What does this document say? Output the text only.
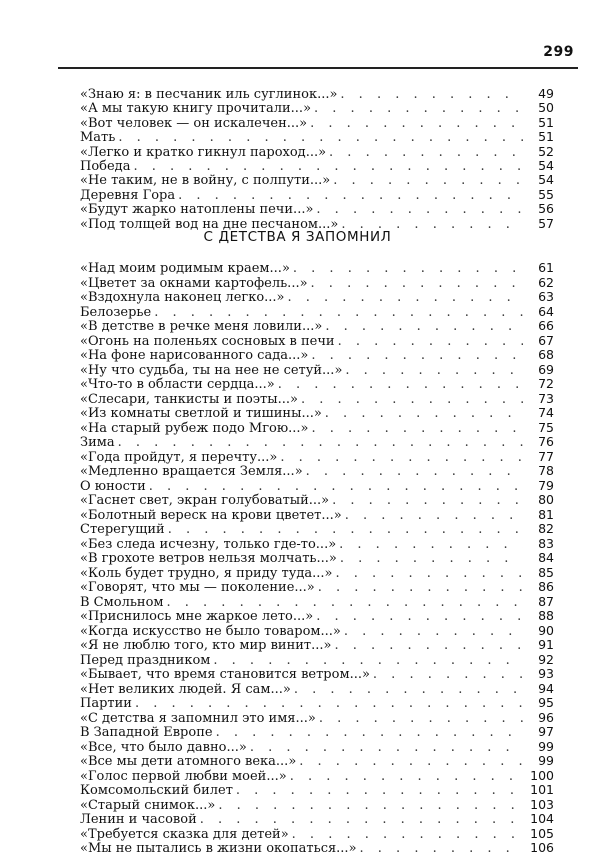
299
«Знаю я: в песчаник иль суглинок...» . . .	49
«А мы такую книгу прочитали...» . . .	50
«Вот человек — он искалечен...» . . .	51
Мать . . .	51
«Легко и кратко гикнул пароход...» . . .	52
Победа . . .	54
«Не таким, не в войну, с полпути...» . . .	54
Деревня Гора . . .	55
«Будут жарко натоплены печи...» . . .	56
«Под толщей вод на дне песчаном...» . . .	57
С ДЕТСТВА Я ЗАПОМНИЛ
«Над моим родимым краем...» . . .	61
«Цветет за окнами картофель...» . . .	62
«Вздохнула наконец легко...» . . .	63
Белозерье . . .	64
«В детстве в речке меня ловили...» . . .	66
«Огонь на поленьях сосновых в печи . . .	67
«На фоне нарисованного сада...» . . .	68
«Ну что судьба, ты на нее не сетуй...» . . .	69
«Что-то в области сердца...» . . .	72
«Слесари, танкисты и поэты...» . . .	73
«Из комнаты светлой и тишины...» . . .	74
«На старый рубеж подо Мгою...» . . .	75
Зима . . .	76
«Года пройдут, я перечту...» . . .	77
«Медленно вращается Земля...» . . .	78
О юности . . .	79
«Гаснет свет, экран голубоватый...» . . .	80
«Болотный вереск на крови цветет...» . . .	81
Стерегущий . . .	82
«Без следа исчезну, только где-то...» . . .	83
«В грохоте ветров нельзя молчать...» . . .	84
«Коль будет трудно, я приду туда...» . . .	85
«Говорят, что мы — поколение...» . . .	86
В Смольном . . .	87
«Приснилось мне жаркое лето...» . . .	88
«Когда искусство не было товаром...» . . .	90
«Я не люблю того, кто мир винит...» . . .	91
Перед праздником . . .	92
«Бывает, что время становится ветром...» . . .	93
«Нет великих людей. Я сам...» . . .	94
Партии . . .	95
«С детства я запомнил это имя...» . . .	96
В Западной Европе . . .	97
«Все, что было давно...» . . .	99
«Все мы дети атомного века...» . . .	99
«Голос первой любви моей...» . . .	100
Комсомольский билет . . .	101
«Старый снимок...» . . .	103
Ленин и часовой . . .	104
«Требуется сказка для детей» . . .	105
«Мы не пытались в жизни окопаться...» . . .	106
